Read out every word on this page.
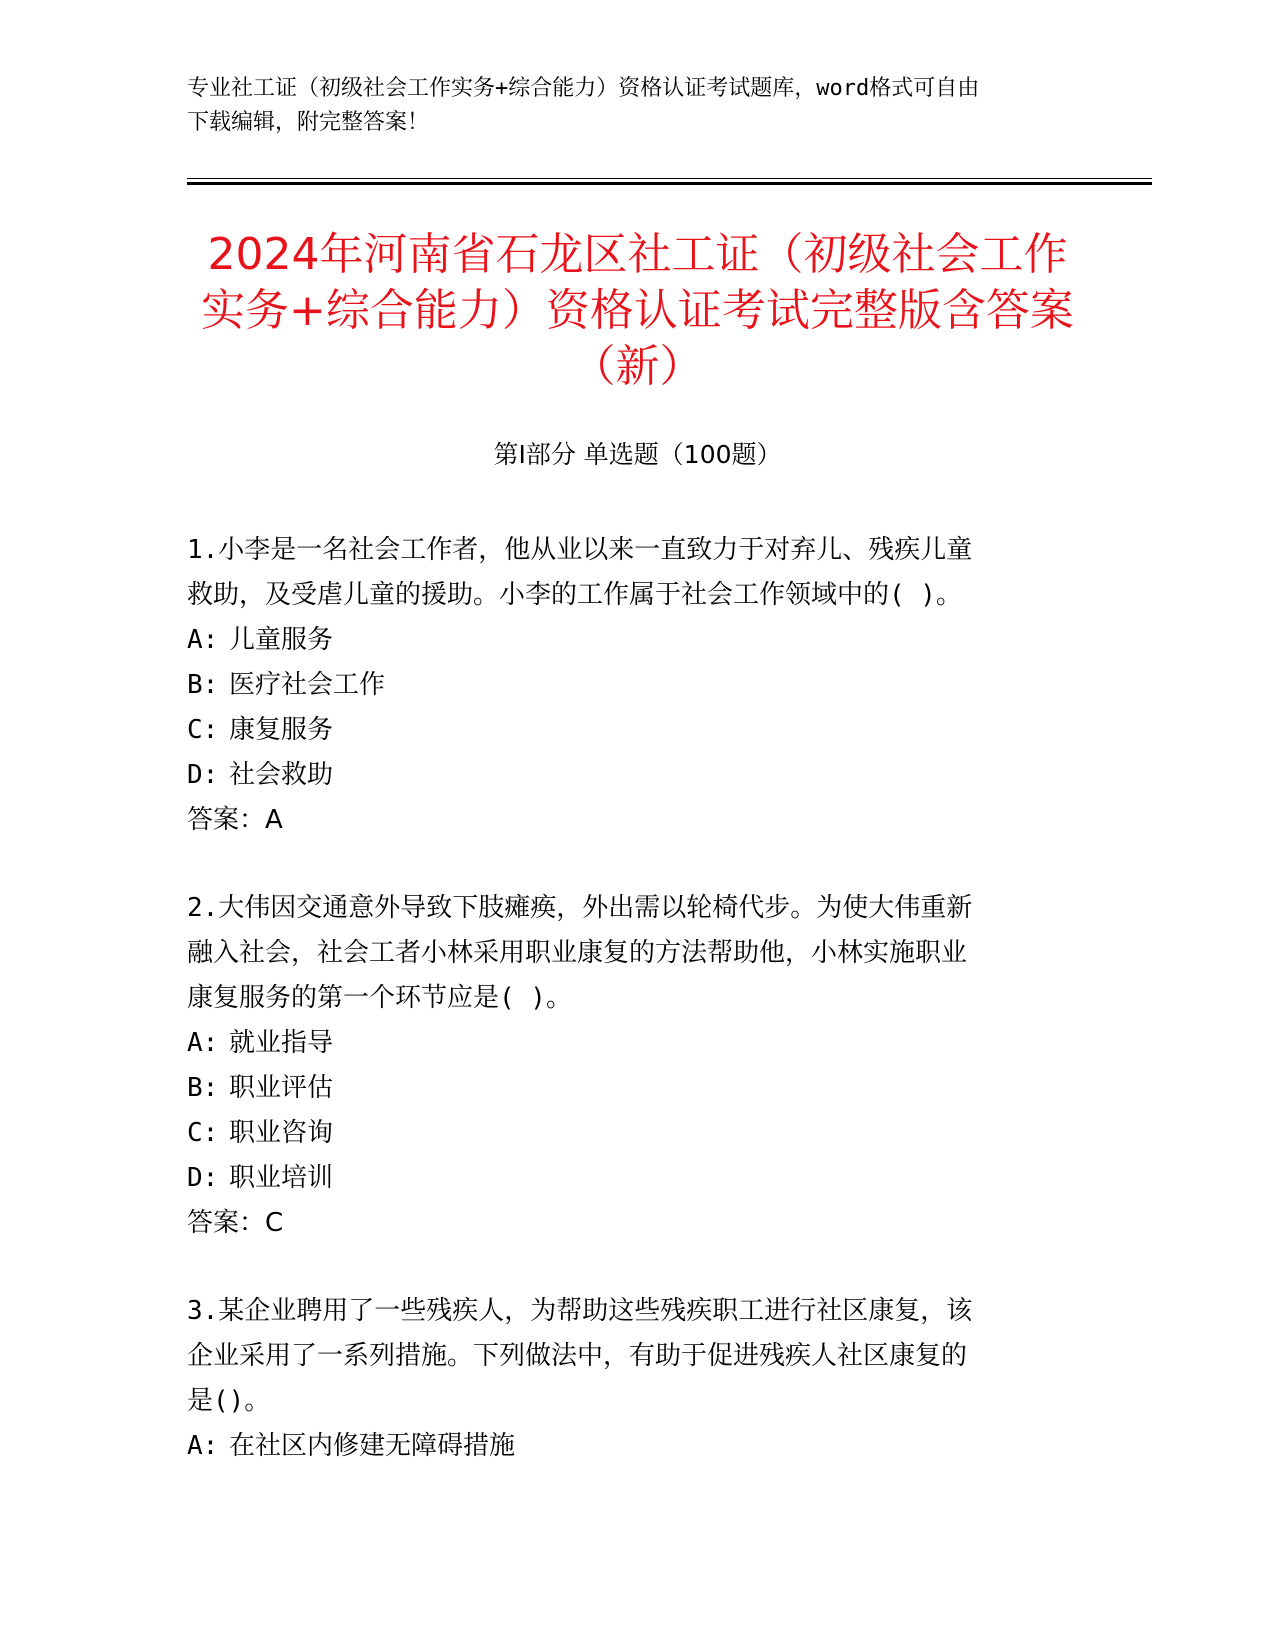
专业社工证（初级社会工作实务+综合能力）资格认证考试题库，word格式可自由
下载编辑，附完整答案！
2024年河南省石龙区社工证（初级社会工作
实务+综合能力）资格认证考试完整版含答案
（新）
第Ⅰ部分 单选题（100题）
1.小李是一名社会工作者，他从业以来一直致力于对弃儿、残疾儿童
救助，及受虐儿童的援助。小李的工作属于社会工作领域中的( )。
A: 儿童服务
B: 医疗社会工作
C: 康复服务
D: 社会救助
答案：A
2.大伟因交通意外导致下肢瘫痪，外出需以轮椅代步。为使大伟重新
融入社会，社会工者小林采用职业康复的方法帮助他，小林实施职业
康复服务的第一个环节应是( )。
A: 就业指导
B: 职业评估
C: 职业咨询
D: 职业培训
答案：C
3.某企业聘用了一些残疾人，为帮助这些残疾职工进行社区康复，该
企业采用了一系列措施。下列做法中，有助于促进残疾人社区康复的
是()。
A: 在社区内修建无障碍措施
